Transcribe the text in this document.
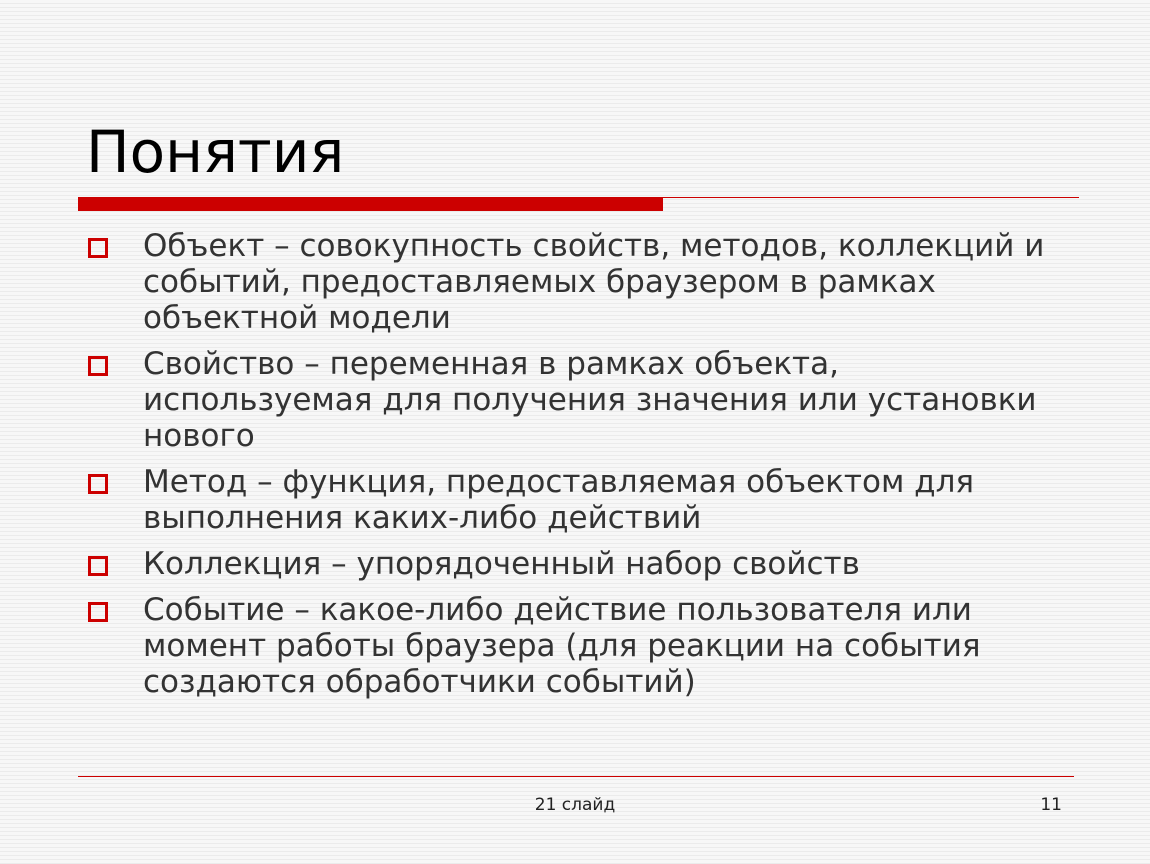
Понятия
Объект – совокупность свойств, методов, коллекций и событий, предоставляемых браузером в рамках объектной модели
Свойство – переменная в рамках объекта, используемая для получения значения или установки нового
Метод – функция, предоставляемая объектом для выполнения каких-либо действий
Коллекция – упорядоченный набор свойств
Событие – какое-либо действие пользователя или момент работы браузера (для реакции на события создаются обработчики событий)
21 слайд	11
